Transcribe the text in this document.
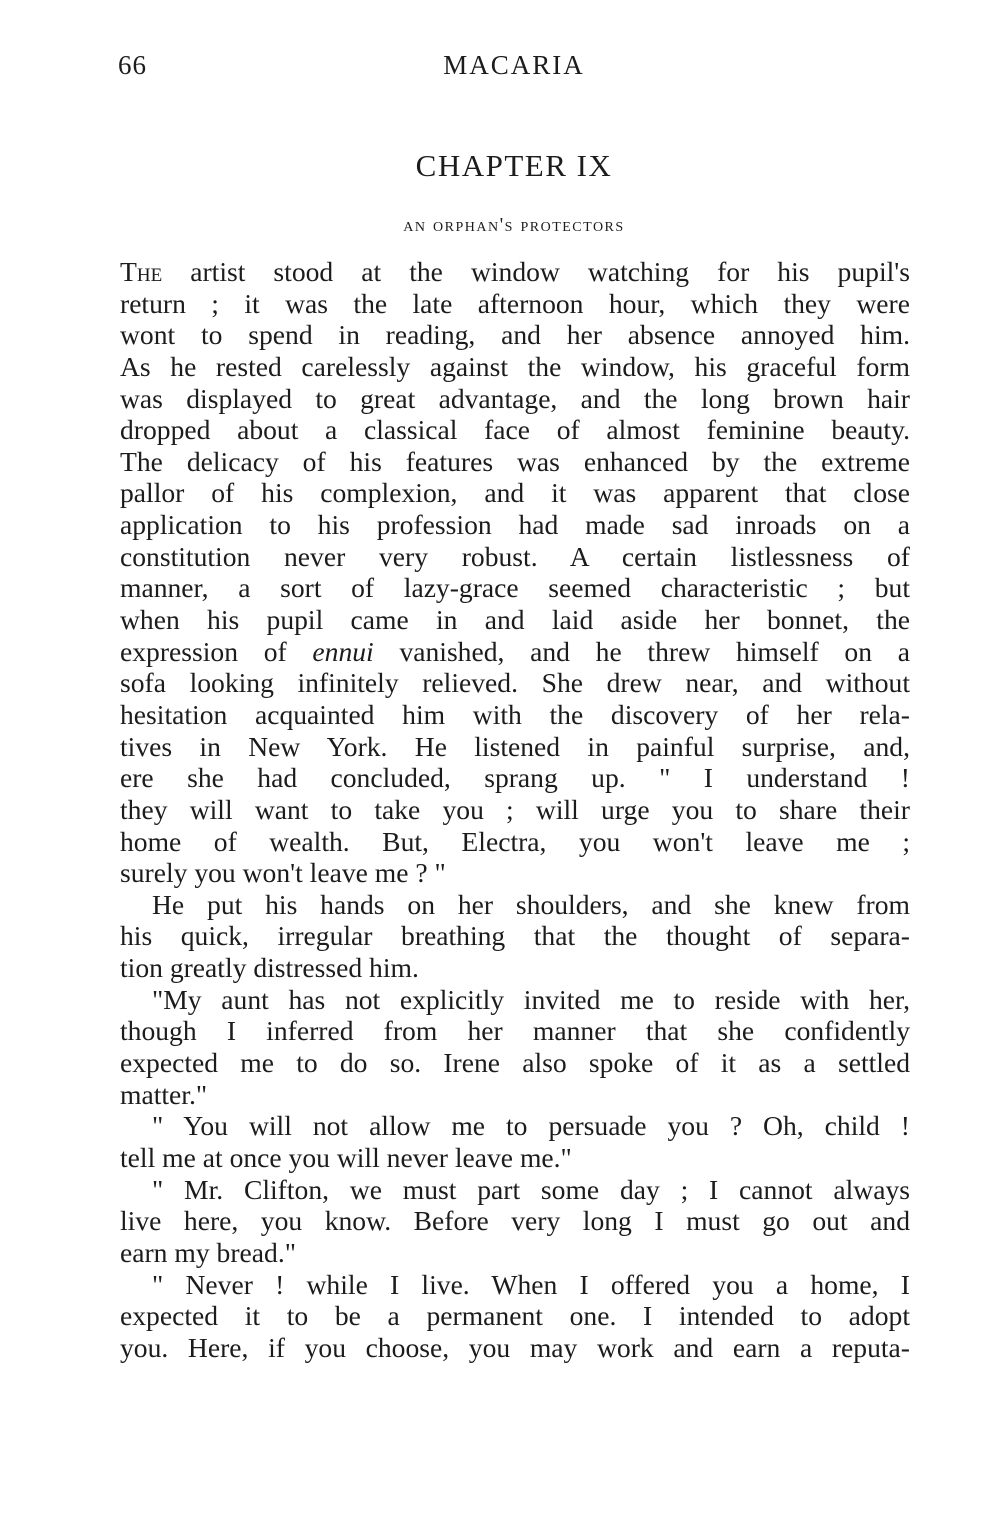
66	MACARIA
CHAPTER IX
an orphan's protectors
The artist stood at the window watching for his pupil's
return ; it was the late afternoon hour, which they were
wont to spend in reading, and her absence annoyed him.
As he rested carelessly against the window, his graceful form
was displayed to great advantage, and the long brown hair
dropped about a classical face of almost feminine beauty.
The delicacy of his features was enhanced by the extreme
pallor of his complexion, and it was apparent that close
application to his profession had made sad inroads on a
constitution never very robust. A certain listlessness of
manner, a sort of lazy-grace seemed characteristic ; but
when his pupil came in and laid aside her bonnet, the
expression of ennui vanished, and he threw himself on a
sofa looking infinitely relieved. She drew near, and without
hesitation acquainted him with the discovery of her rela-
tives in New York. He listened in painful surprise, and,
ere she had concluded, sprang up. " I understand !
they will want to take you ; will urge you to share their
home of wealth. But, Electra, you won't leave me ;
surely you won't leave me ? "
He put his hands on her shoulders, and she knew from
his quick, irregular breathing that the thought of separa-
tion greatly distressed him.
"My aunt has not explicitly invited me to reside with her,
though I inferred from her manner that she confidently
expected me to do so. Irene also spoke of it as a settled
matter."
" You will not allow me to persuade you ? Oh, child !
tell me at once you will never leave me."
" Mr. Clifton, we must part some day ; I cannot always
live here, you know. Before very long I must go out and
earn my bread."
" Never ! while I live. When I offered you a home, I
expected it to be a permanent one. I intended to adopt
you. Here, if you choose, you may work and earn a reputa-
